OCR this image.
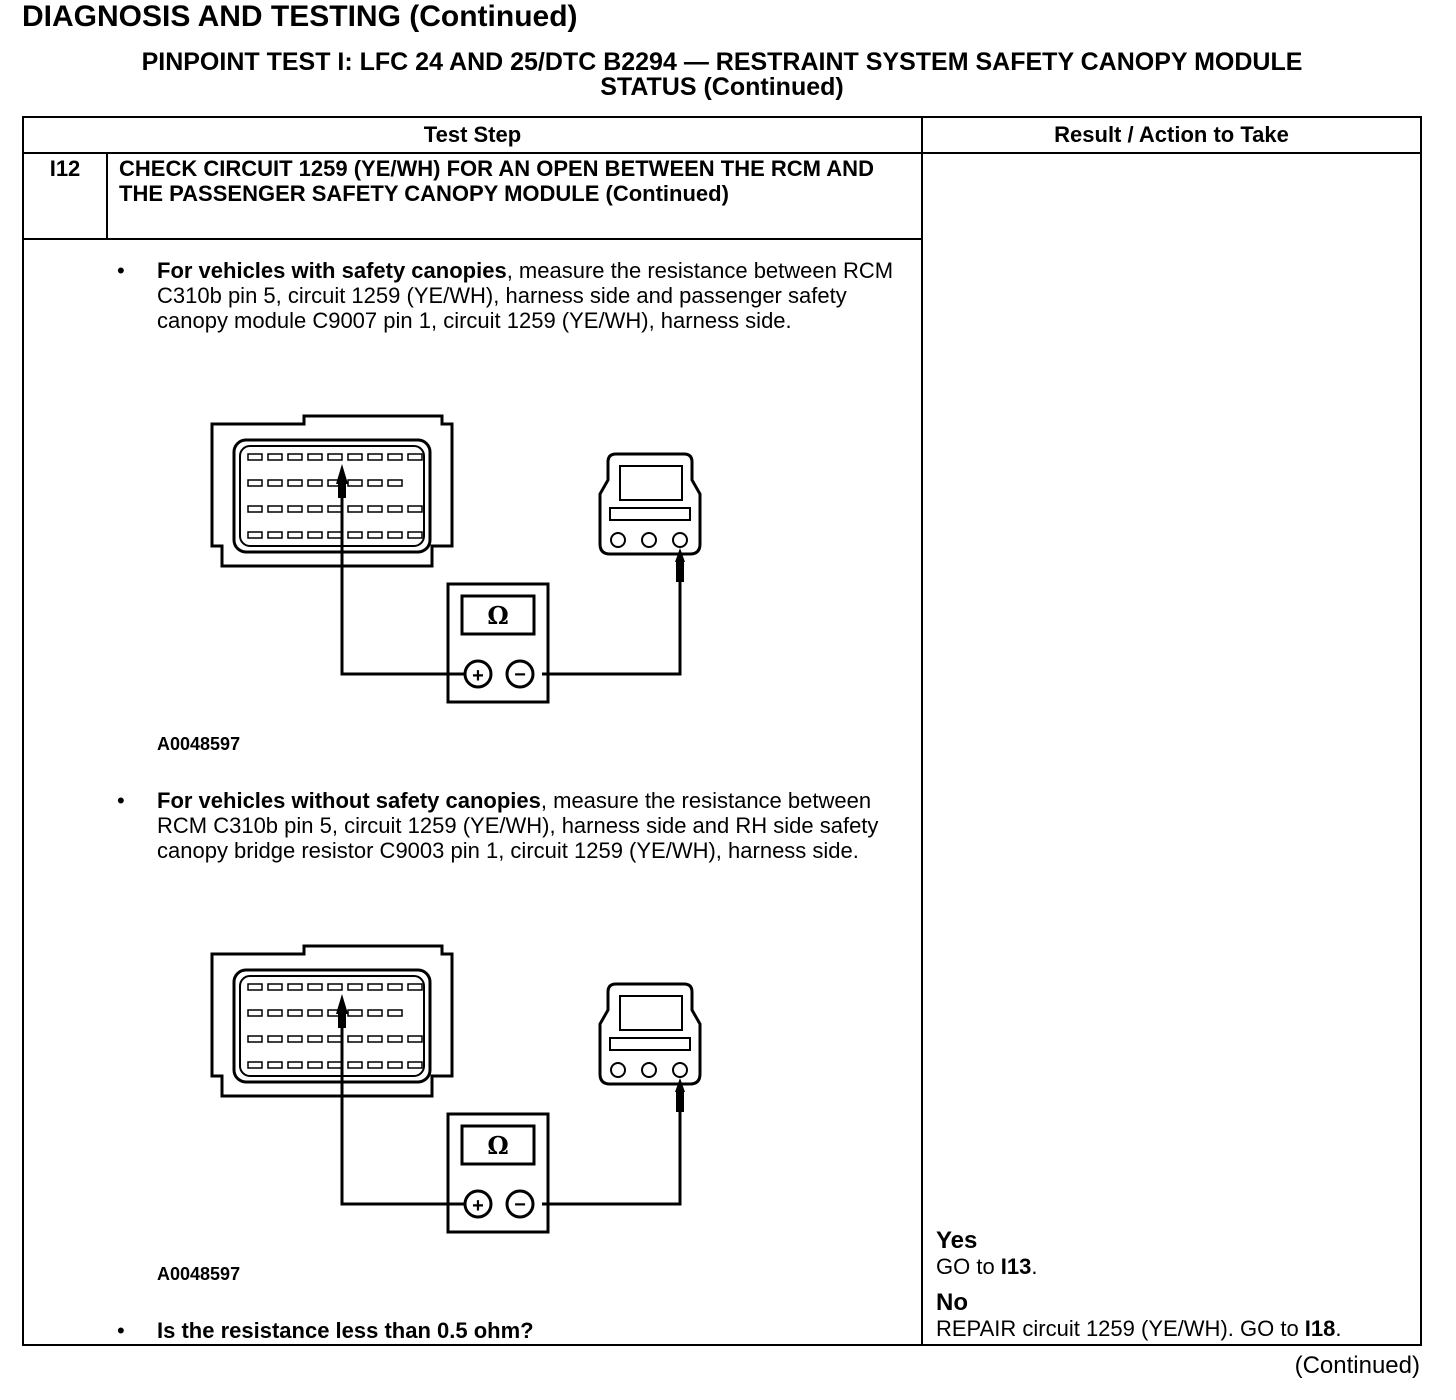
DIAGNOSIS AND TESTING (Continued)
PINPOINT TEST I: LFC 24 AND 25/DTC B2294 — RESTRAINT SYSTEM SAFETY CANOPY MODULE
STATUS (Continued)
Test Step	Result / Action to Take
I12	CHECK CIRCUIT 1259 (YE/WH) FOR AN OPEN BETWEEN THE RCM AND THE PASSENGER SAFETY CANOPY MODULE (Continued)
• For vehicles with safety canopies, measure the resistance between RCM C310b pin 5, circuit 1259 (YE/WH), harness side and passenger safety canopy module C9007 pin 1, circuit 1259 (YE/WH), harness side.
Ω
+ −
A0048597
• For vehicles without safety canopies, measure the resistance between RCM C310b pin 5, circuit 1259 (YE/WH), harness side and RH side safety canopy bridge resistor C9003 pin 1, circuit 1259 (YE/WH), harness side.
Ω
+ −
A0048597
• Is the resistance less than 0.5 ohm?
Yes
GO to I13.
No
REPAIR circuit 1259 (YE/WH). GO to I18.
(Continued)
